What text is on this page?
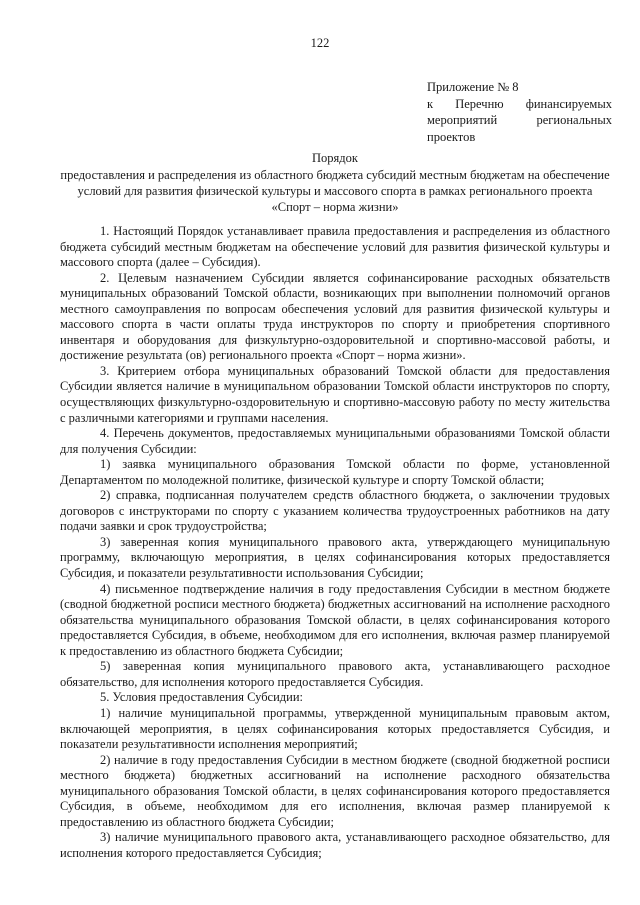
122
Приложение № 8
к Перечню финансируемых мероприятий региональных проектов
Порядок
предоставления и распределения из областного бюджета субсидий местным бюджетам на обеспечение условий для развития физической культуры и массового спорта в рамках регионального проекта «Спорт – норма жизни»

1. Настоящий Порядок устанавливает правила предоставления и распределения из областного бюджета субсидий местным бюджетам на обеспечение условий для развития физической культуры и массового спорта (далее – Субсидия).

2. Целевым назначением Субсидии является софинансирование расходных обязательств муниципальных образований Томской области, возникающих при выполнении полномочий органов местного самоуправления по вопросам обеспечения условий для развития физической культуры и массового спорта в части оплаты труда инструкторов по спорту и приобретения спортивного инвентаря и оборудования для физкультурно-оздоровительной и спортивно-массовой работы, и достижение результата (ов) регионального проекта «Спорт – норма жизни».

3. Критерием отбора муниципальных образований Томской области для предоставления Субсидии является наличие в муниципальном образовании Томской области инструкторов по спорту, осуществляющих физкультурно-оздоровительную и спортивно-массовую работу по месту жительства с различными категориями и группами населения.

4. Перечень документов, предоставляемых муниципальными образованиями Томской области для получения Субсидии:

1) заявка муниципального образования Томской области по форме, установленной Департаментом по молодежной политике, физической культуре и спорту Томской области;

2) справка, подписанная получателем средств областного бюджета, о заключении трудовых договоров с инструкторами по спорту с указанием количества трудоустроенных работников на дату подачи заявки и срок трудоустройства;

3) заверенная копия муниципального правового акта, утверждающего муниципальную программу, включающую мероприятия, в целях софинансирования которых предоставляется Субсидия, и показатели результативности использования Субсидии;

4) письменное подтверждение наличия в году предоставления Субсидии в местном бюджете (сводной бюджетной росписи местного бюджета) бюджетных ассигнований на исполнение расходного обязательства муниципального образования Томской области, в целях софинансирования которого предоставляется Субсидия, в объеме, необходимом для его исполнения, включая размер планируемой к предоставлению из областного бюджета Субсидии;

5) заверенная копия муниципального правового акта, устанавливающего расходное обязательство, для исполнения которого предоставляется Субсидия.

5. Условия предоставления Субсидии:

1) наличие муниципальной программы, утвержденной муниципальным правовым актом, включающей мероприятия, в целях софинансирования которых предоставляется Субсидия, и показатели результативности исполнения мероприятий;

2) наличие в году предоставления Субсидии в местном бюджете (сводной бюджетной росписи местного бюджета) бюджетных ассигнований на исполнение расходного обязательства муниципального образования Томской области, в целях софинансирования которого предоставляется Субсидия, в объеме, необходимом для его исполнения, включая размер планируемой к предоставлению из областного бюджета Субсидии;

3) наличие муниципального правового акта, устанавливающего расходное обязательство, для исполнения которого предоставляется Субсидия;
